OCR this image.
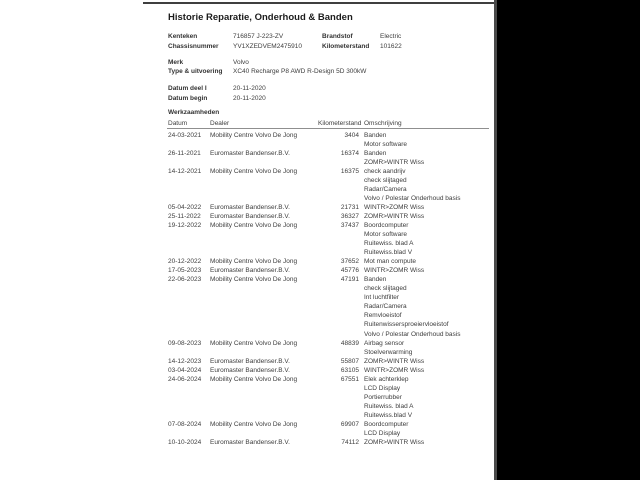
Historie Reparatie, Onderhoud & Banden
Kenteken	716857 J-223-ZV	Brandstof	Electric
Chassisnummer YV1XZEDVEM2475910	Kilometerstand 101622
Merk	Volvo
Type & uitvoering XC40 Recharge P8 AWD R-Design 5D 300kW
Datum deel I	20-11-2020
Datum begin	20-11-2020
Werkzaamheden
Datum	Dealer	Kilometerstand Omschrijving
24-03-2021	Mobility Centre Volvo De Jong	3404 Banden
Motor software
26-11-2021	Euromaster Bandenser.B.V.	16374 Banden
ZOMR>WINTR Wiss
14-12-2021	Mobility Centre Volvo De Jong	16375 check aandrijv
check slijtaged
Radar/Camera
Volvo / Polestar Onderhoud basis
05-04-2022	Euromaster Bandenser.B.V.	21731 WINTR>ZOMR Wiss
25-11-2022	Euromaster Bandenser.B.V.	36327 ZOMR>WINTR Wiss
19-12-2022	Mobility Centre Volvo De Jong	37437 Boordcomputer
Motor software
Ruitewiss. blad A
Ruitewiss.blad V
20-12-2022	Mobility Centre Volvo De Jong	37652 Mot man compute
17-05-2023	Euromaster Bandenser.B.V.	45776 WINTR>ZOMR Wiss
22-06-2023	Mobility Centre Volvo De Jong	47191 Banden
check slijtaged
Int luchtfilter
Radar/Camera
Remvloeistof
Ruitenwissersproeiervloeistof
Volvo / Polestar Onderhoud basis
09-08-2023	Mobility Centre Volvo De Jong	48839 Airbag sensor
Stoelverwarming
14-12-2023	Euromaster Bandenser.B.V.	55807 ZOMR>WINTR Wiss
03-04-2024	Euromaster Bandenser.B.V.	63105 WINTR>ZOMR Wiss
24-06-2024	Mobility Centre Volvo De Jong	67551 Elek achterklep
LCD Display
Portierrubber
Ruitewiss. blad A
Ruitewiss.blad V
07-08-2024	Mobility Centre Volvo De Jong	69907 Boordcomputer
LCD Display
10-10-2024	Euromaster Bandenser.B.V.	74112 ZOMR>WINTR Wiss
